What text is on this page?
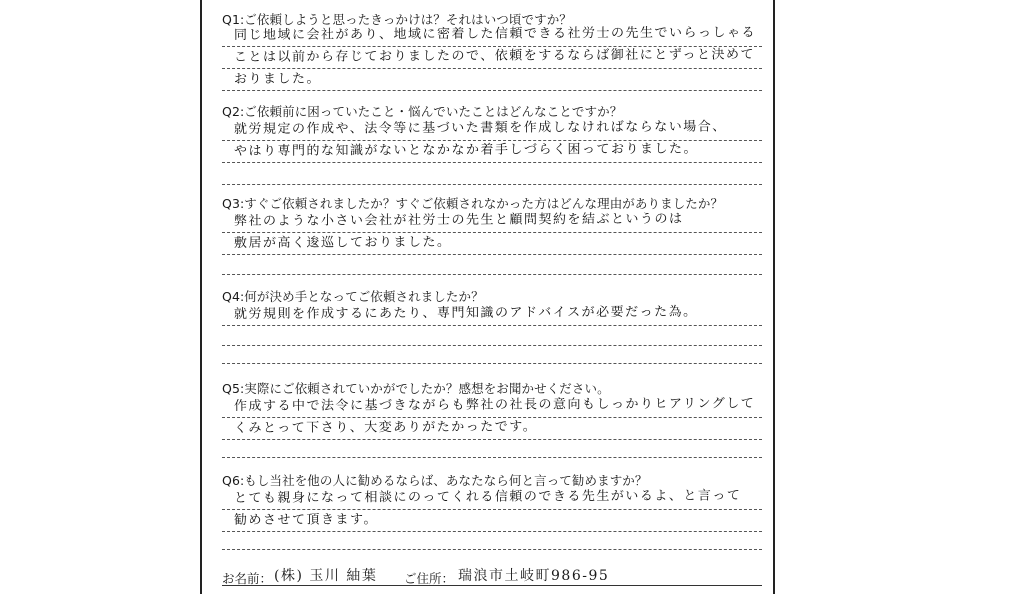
Q1:ご依頼しようと思ったきっかけは？それはいつ頃ですか？
同じ地域に会社があり、地域に密着した信頼できる社労士の先生でいらっしゃる
ことは以前から存じておりましたので、依頼をするならば御社にとずっと決めて
おりました。
Q2:ご依頼前に困っていたこと・悩んでいたことはどんなことですか？
就労規定の作成や、法令等に基づいた書類を作成しなければならない場合、
やはり専門的な知識がないとなかなか着手しづらく困っておりました。
Q3:すぐご依頼されましたか？すぐご依頼されなかった方はどんな理由がありましたか？
弊社のような小さい会社が社労士の先生と顧問契約を結ぶというのは
敷居が高く逡巡しておりました。
Q4:何が決め手となってご依頼されましたか？
就労規則を作成するにあたり、専門知識のアドバイスが必要だった為。
Q5:実際にご依頼されていかがでしたか？感想をお聞かせください。
作成する中で法令に基づきながらも弊社の社長の意向もしっかりヒアリングして
くみとって下さり、大変ありがたかったです。
Q6:もし当社を他の人に勧めるならば、あなたなら何と言って勧めますか？
とても親身になって相談にのってくれる信頼のできる先生がいるよ、と言って
勧めさせて頂きます。
お名前： (株) 玉川 紬葉 ご住所： 瑞浪市土岐町986-95
